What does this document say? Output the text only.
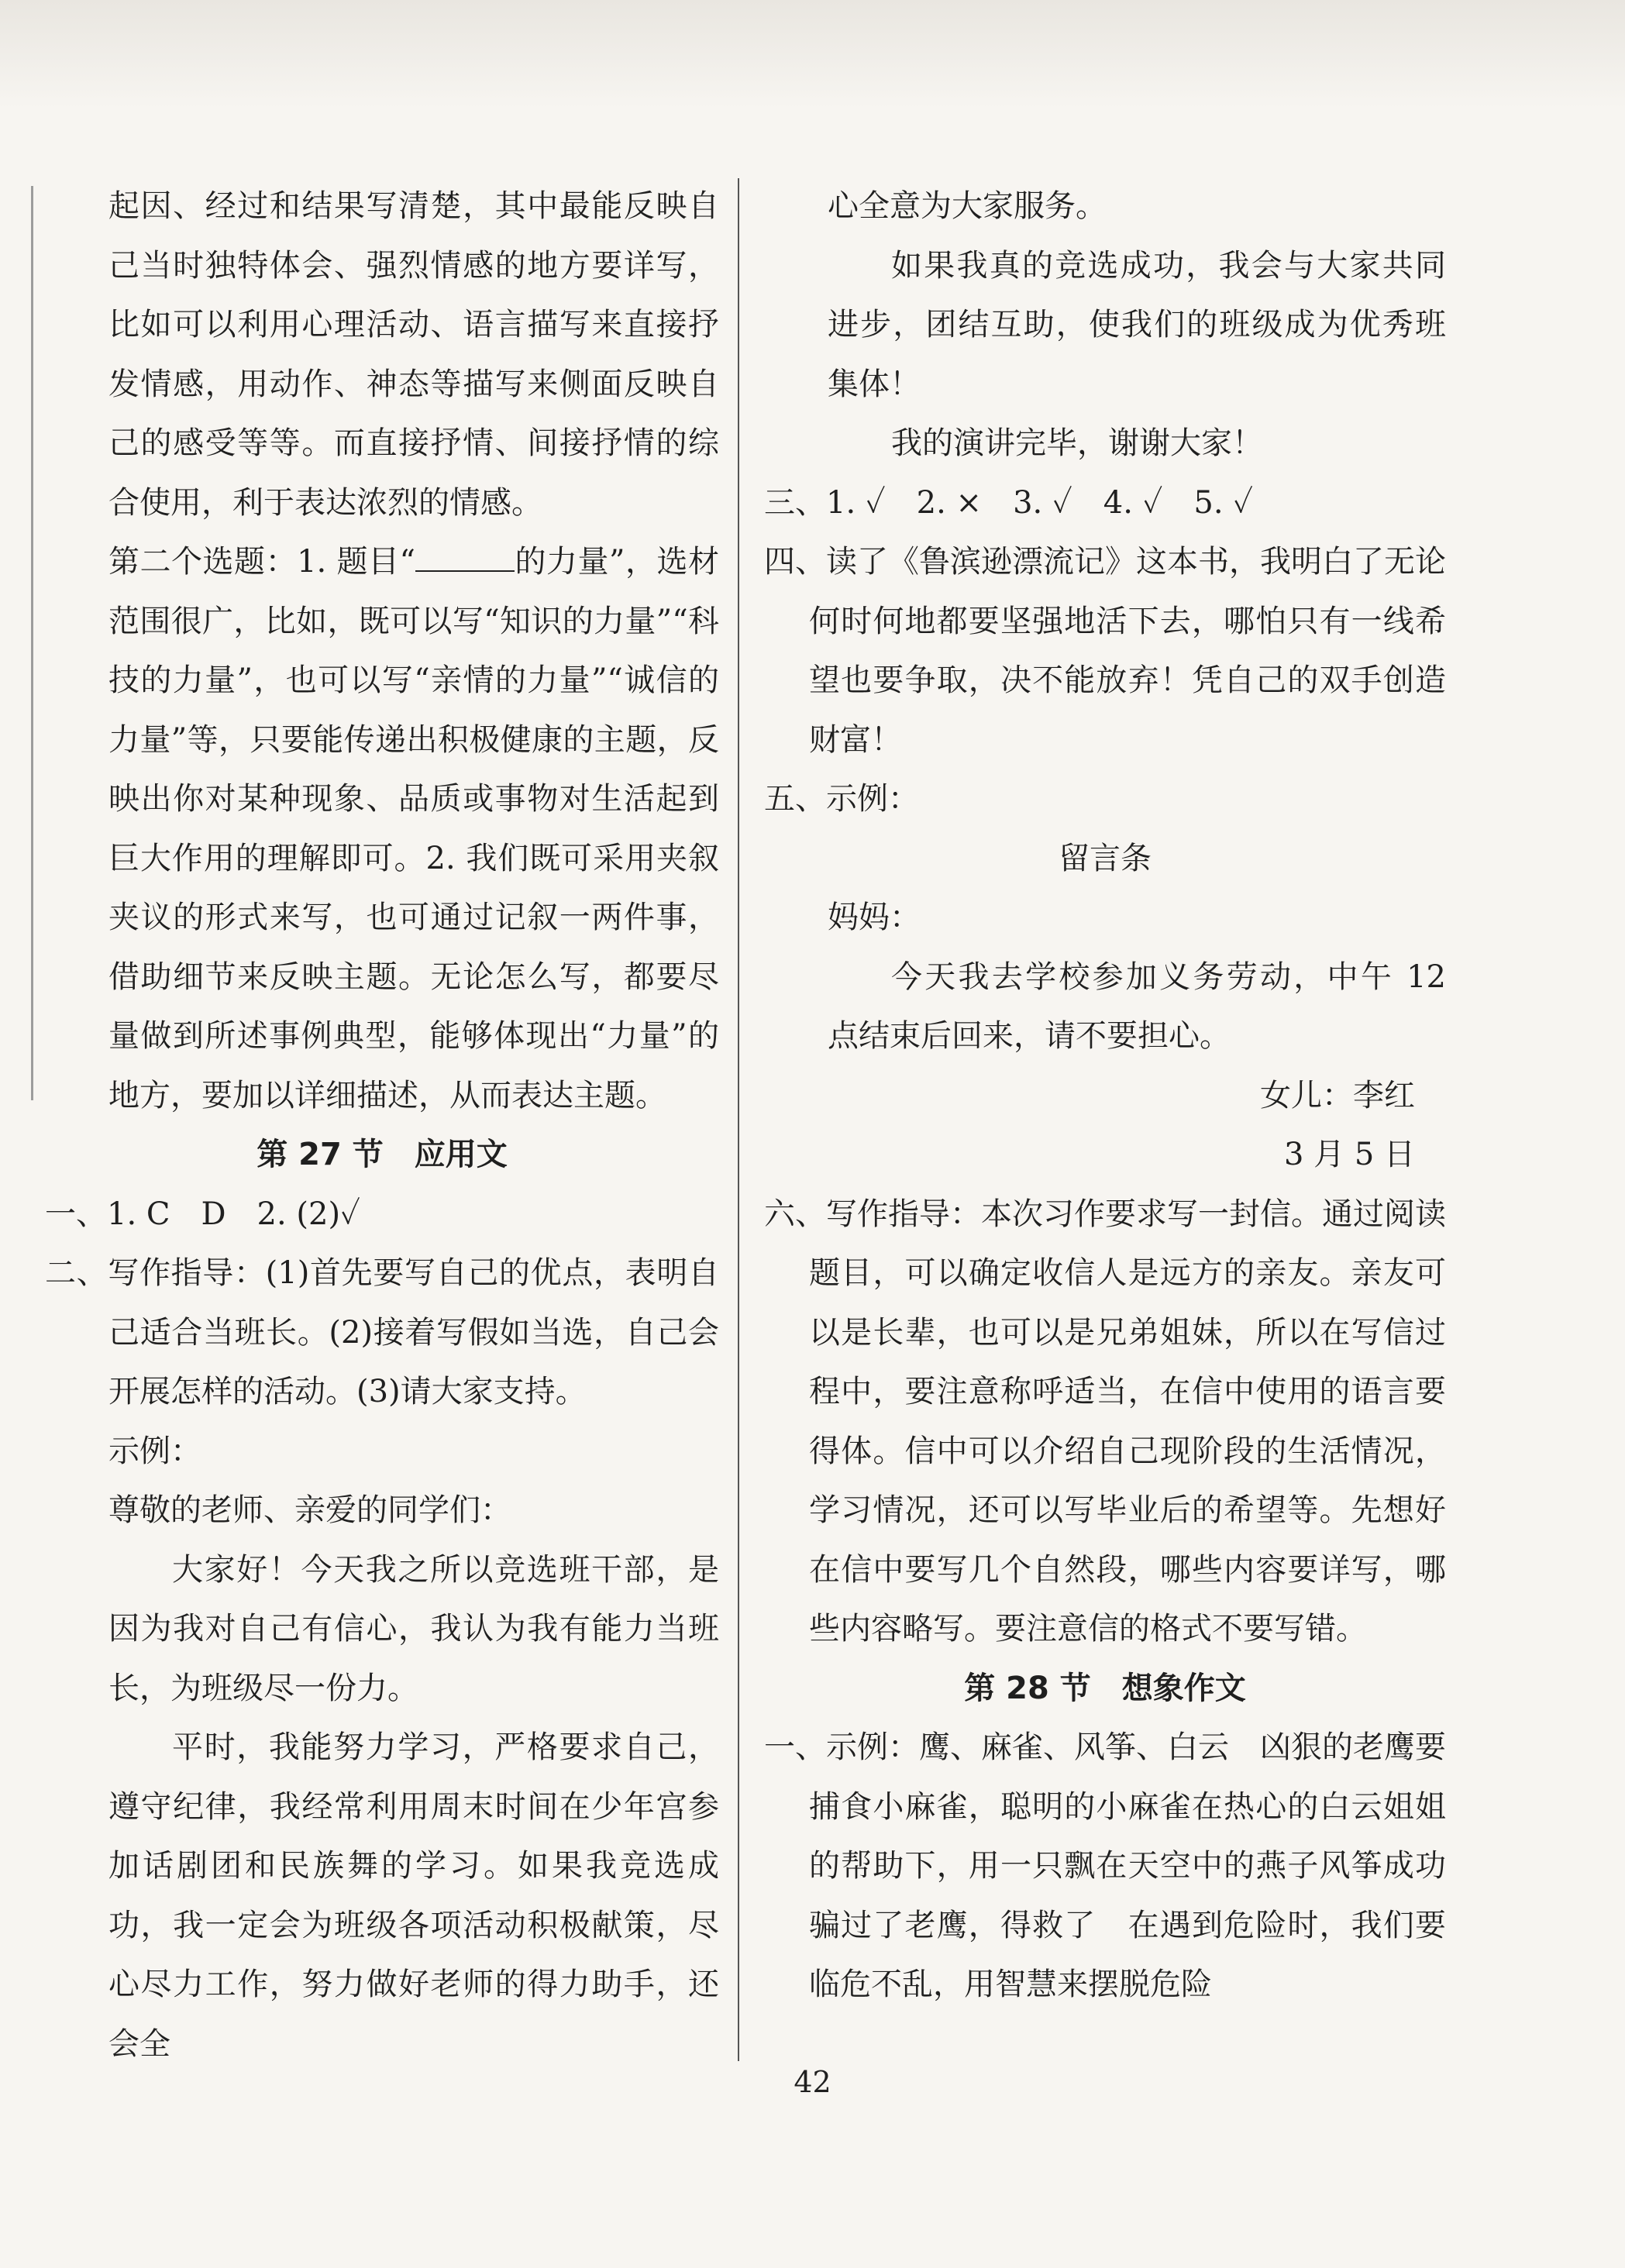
起因、经过和结果写清楚，其中最能反映自己当时独特体会、强烈情感的地方要详写，比如可以利用心理活动、语言描写来直接抒发情感，用动作、神态等描写来侧面反映自己的感受等等。而直接抒情、间接抒情的综合使用，利于表达浓烈的情感。

第二个选题：1. 题目“	的力量”，选材范围很广，比如，既可以写“知识的力量”“科技的力量”，也可以写“亲情的力量”“诚信的力量”等，只要能传递出积极健康的主题，反映出你对某种现象、品质或事物对生活起到巨大作用的理解即可。2. 我们既可采用夹叙夹议的形式来写，也可通过记叙一两件事，借助细节来反映主题。无论怎么写，都要尽量做到所述事例典型，能够体现出“力量”的地方，要加以详细描述，从而表达主题。

第 27 节　应用文

一、1. C　D　2. (2)✓

二、写作指导：(1)首先要写自己的优点，表明自己适合当班长。(2)接着写假如当选，自己会开展怎样的活动。(3)请大家支持。

示例：

尊敬的老师、亲爱的同学们：

大家好！今天我之所以竞选班干部，是因为我对自己有信心，我认为我有能力当班长，为班级尽一份力。

平时，我能努力学习，严格要求自己，遵守纪律，我经常利用周末时间在少年宫参加话剧团和民族舞的学习。如果我竞选成功，我一定会为班级各项活动积极献策，尽心尽力工作，努力做好老师的得力助手，还会全

心全意为大家服务。

如果我真的竞选成功，我会与大家共同进步，团结互助，使我们的班级成为优秀班集体！

我的演讲完毕，谢谢大家！

三、1. ✓　2. ×　3. ✓　4. ✓　5. ✓

四、读了《鲁滨逊漂流记》这本书，我明白了无论何时何地都要坚强地活下去，哪怕只有一线希望也要争取，决不能放弃！凭自己的双手创造财富！

五、示例：

留言条

妈妈：

今天我去学校参加义务劳动，中午 12 点结束后回来，请不要担心。

女儿：李红

3 月 5 日

六、写作指导：本次习作要求写一封信。通过阅读题目，可以确定收信人是远方的亲友。亲友可以是长辈，也可以是兄弟姐妹，所以在写信过程中，要注意称呼适当，在信中使用的语言要得体。信中可以介绍自己现阶段的生活情况，学习情况，还可以写毕业后的希望等。先想好在信中要写几个自然段，哪些内容要详写，哪些内容略写。要注意信的格式不要写错。

第 28 节　想象作文

一、示例：鹰、麻雀、风筝、白云　凶狠的老鹰要捕食小麻雀，聪明的小麻雀在热心的白云姐姐的帮助下，用一只飘在天空中的燕子风筝成功骗过了老鹰，得救了　在遇到危险时，我们要临危不乱，用智慧来摆脱危险

42
